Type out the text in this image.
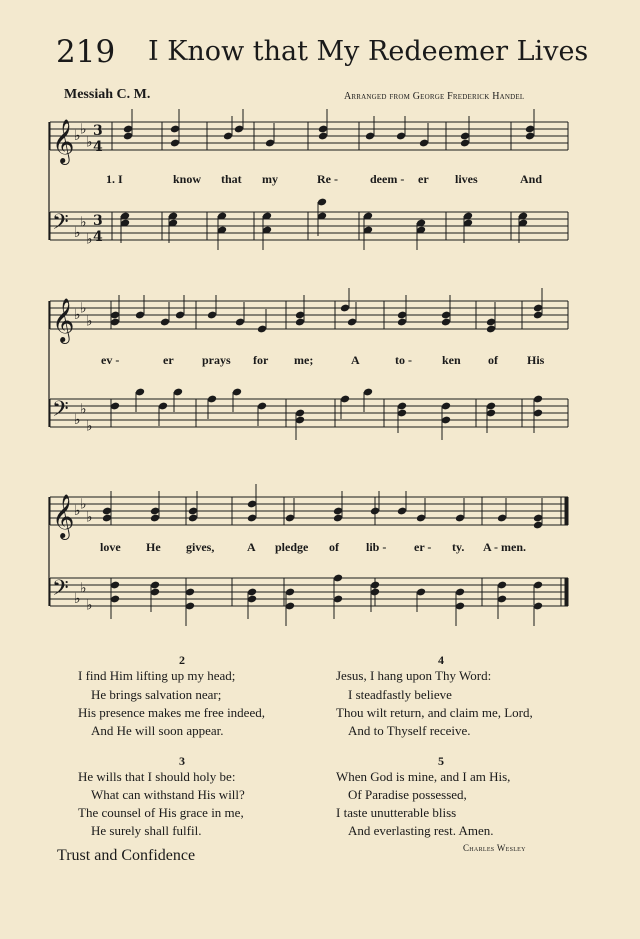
219 I Know that My Redeemer Lives
Messiah C. M.	Arranged from George Frederick Handel
𝄞 ♭ ♭
♭
3
4
𝄢 ♭
♭
♭
3
4
𝄞 ♭ ♭
♭
𝄢 ♭
♭
♭
𝄞 ♭ ♭
♭
𝄢 ♭
♭
♭
1. I	know that my	Re -	deem - er lives	And
ev -	er prays for me;	A	to -	ken of His
love He gives,	A pledge of lib - er - ty. A - men.
2
I find Him lifting up my head;
He brings salvation near;
His presence makes me free indeed,
And He will soon appear.
4
Jesus, I hang upon Thy Word:
I steadfastly believe
Thou wilt return, and claim me, Lord,
And to Thyself receive.
3
He wills that I should holy be:
What can withstand His will?
The counsel of His grace in me,
He surely shall fulfil.
5
When God is mine, and I am His,
Of Paradise possessed,
I taste unutterable bliss
And everlasting rest. Amen.
Charles Wesley
Trust and Confidence
